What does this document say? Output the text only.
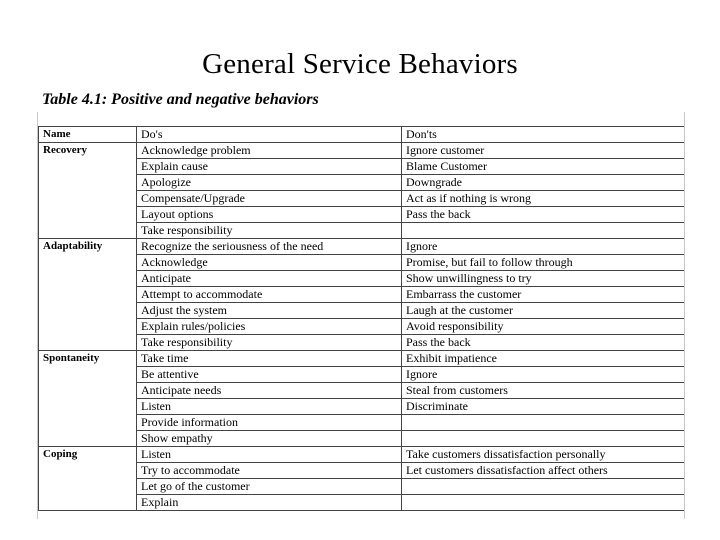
General Service Behaviors
Table 4.1: Positive and negative behaviors
Name	Do's	Don'ts
Recovery	Acknowledge problem	Ignore customer
	Explain cause	Blame Customer
	Apologize	Downgrade
	Compensate/Upgrade	Act as if nothing is wrong
	Layout options	Pass the back
	Take responsibility	
Adaptability	Recognize the seriousness of the need	Ignore
	Acknowledge	Promise, but fail to follow through
	Anticipate	Show unwillingness to try
	Attempt to accommodate	Embarrass the customer
	Adjust the system	Laugh at the customer
	Explain rules/policies	Avoid responsibility
	Take responsibility	Pass the back
Spontaneity	Take time	Exhibit impatience
	Be attentive	Ignore
	Anticipate needs	Steal from customers
	Listen	Discriminate
	Provide information	
	Show empathy	
Coping	Listen	Take customers dissatisfaction personally
	Try to accommodate	Let customers dissatisfaction affect others
	Let go of the customer	
	Explain	
